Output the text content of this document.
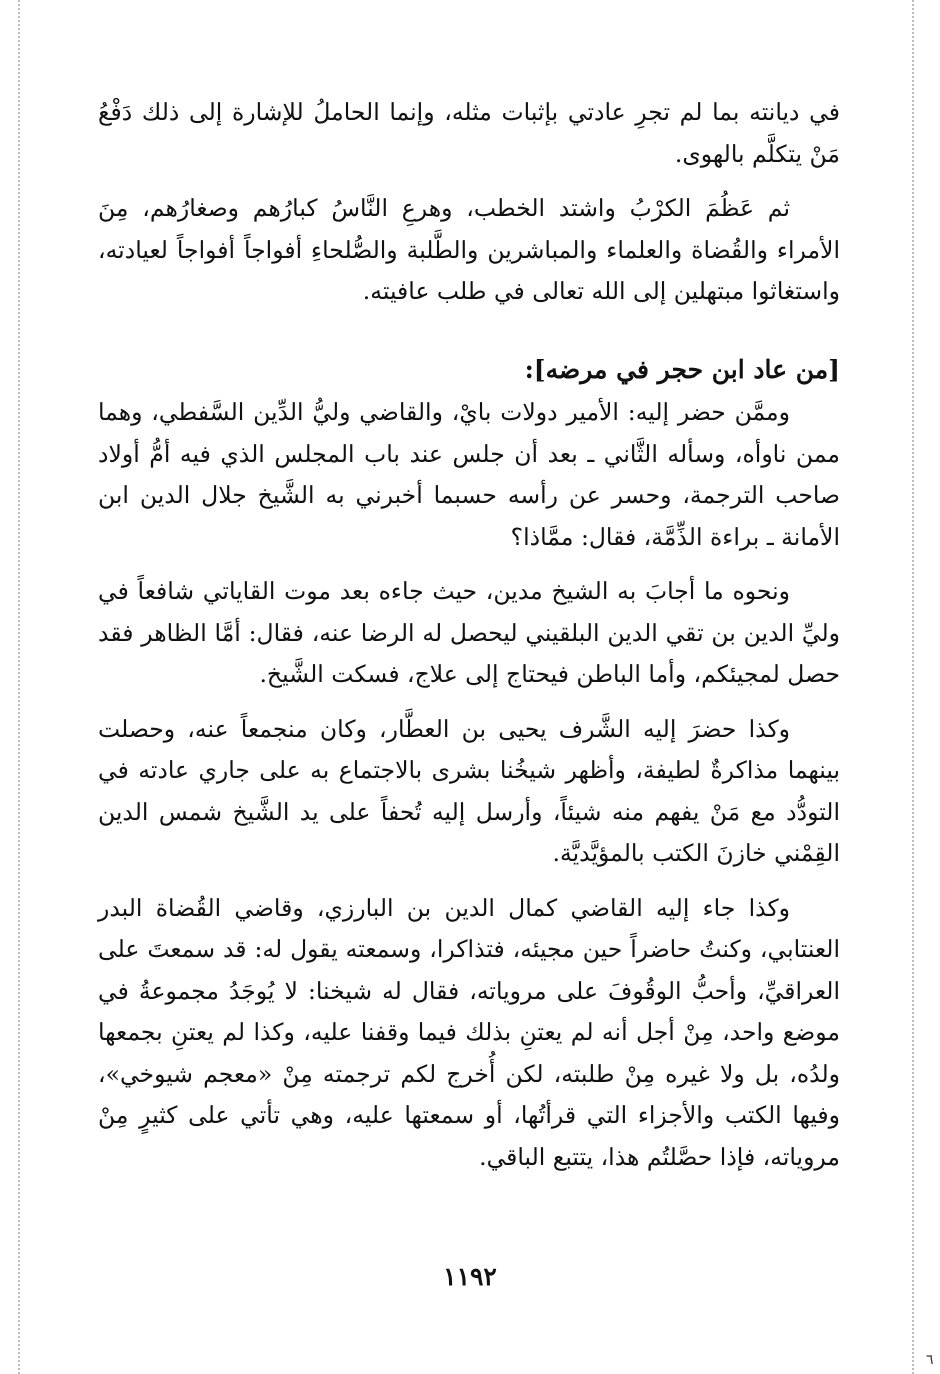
في ديانته بما لم تجرِ عادتي بإثبات مثله، وإنما الحاملُ للإشارة إلى ذلك دَفْعُ مَنْ يتكلَّم بالهوى.

ثم عَظُمَ الكرْبُ واشتد الخطب، وهرعِ النَّاسُ كبارُهم وصغارُهم، مِنَ الأمراء والقُضاة والعلماء والمباشرين والطَّلبة والصُّلحاءِ أفواجاً أفواجاً لعيادته، واستغاثوا مبتهلين إلى الله تعالى في طلب عافيته.

[من عاد ابن حجر في مرضه]:

وممَّن حضر إليه: الأمير دولات بايْ، والقاضي وليُّ الدِّين السَّفطي، وهما ممن ناوأه، وسأله الثَّاني ـ بعد أن جلس عند باب المجلس الذي فيه أمُّ أولاد صاحب الترجمة، وحسر عن رأسه حسبما أخبرني به الشَّيخ جلال الدين ابن الأمانة ـ براءة الذِّمَّة، فقال: ممَّاذا؟

ونحوه ما أجابَ به الشيخ مدين، حيث جاءه بعد موت القاياتي شافعاً في وليِّ الدين بن تقي الدين البلقيني ليحصل له الرضا عنه، فقال: أمَّا الظاهر فقد حصل لمجيئكم، وأما الباطن فيحتاج إلى علاج، فسكت الشَّيخ.

وكذا حضرَ إليه الشَّرف يحيى بن العطَّار، وكان منجمعاً عنه، وحصلت بينهما مذاكرةٌ لطيفة، وأظهر شيخُنا بشرى بالاجتماع به على جاري عادته في التودُّد مع مَنْ يفهم منه شيئاً، وأرسل إليه تُحفاً على يد الشَّيخ شمس الدين القِمْني خازنَ الكتب بالمؤيَّديَّة.

وكذا جاء إليه القاضي كمال الدين بن البارزي، وقاضي القُضاة البدر العنتابي، وكنتُ حاضراً حين مجيئه، فتذاكرا، وسمعته يقول له: قد سمعتَ على العراقيِّ، وأحبُّ الوقُوفَ على مروياته، فقال له شيخنا: لا يُوجَدُ مجموعةُ في موضع واحد، مِنْ أجل أنه لم يعتنِ بذلك فيما وقفنا عليه، وكذا لم يعتنِ بجمعها ولدُه، بل ولا غيره مِنْ طلبته، لكن أُخرج لكم ترجمته مِنْ «معجم شيوخي»، وفيها الكتب والأجزاء التي قرأتُها، أو سمعتها عليه، وهي تأتي على كثيرٍ مِنْ مروياته، فإذا حصَّلتُم هذا، يتتبع الباقي.

١١٩٢
٦
